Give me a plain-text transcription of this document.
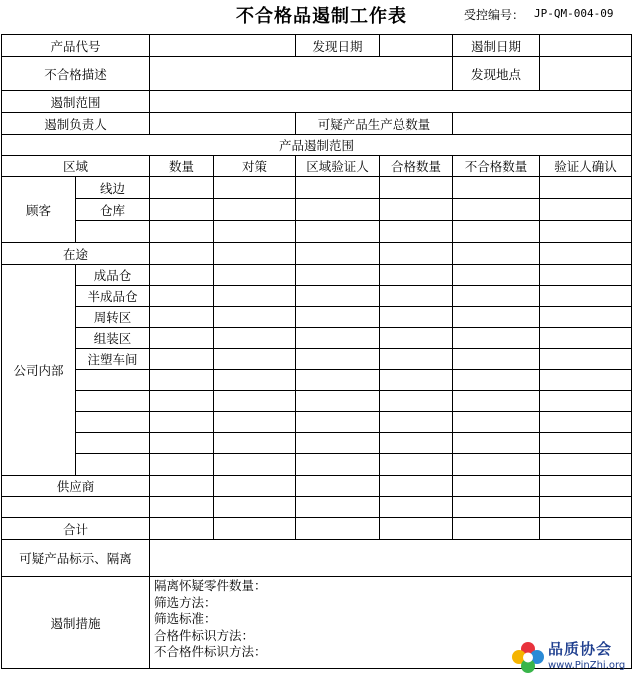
不合格品遏制工作表	受控编号： JP-QM-004-09
产品代号				发现日期		遏制日期	
不合格描述						发现地点	
遏制范围							
遏制负责人				可疑产品生产总数量			
产品遏制范围							
区域		数量	对策	区域验证人	合格数量	不合格数量	验证人确认
顾客	线边						
	仓库						

在途							
公司内部	成品仓						
	半成品仓						
	周转区						
	组装区						
	注塑车间						

供应商							

合计							
可疑产品标示、隔离							
遏制措施		隔离怀疑零件数量：
筛选方法：
筛选标准：
合格件标识方法：
不合格件标识方法：						品质协会
www.PinZhi.org
